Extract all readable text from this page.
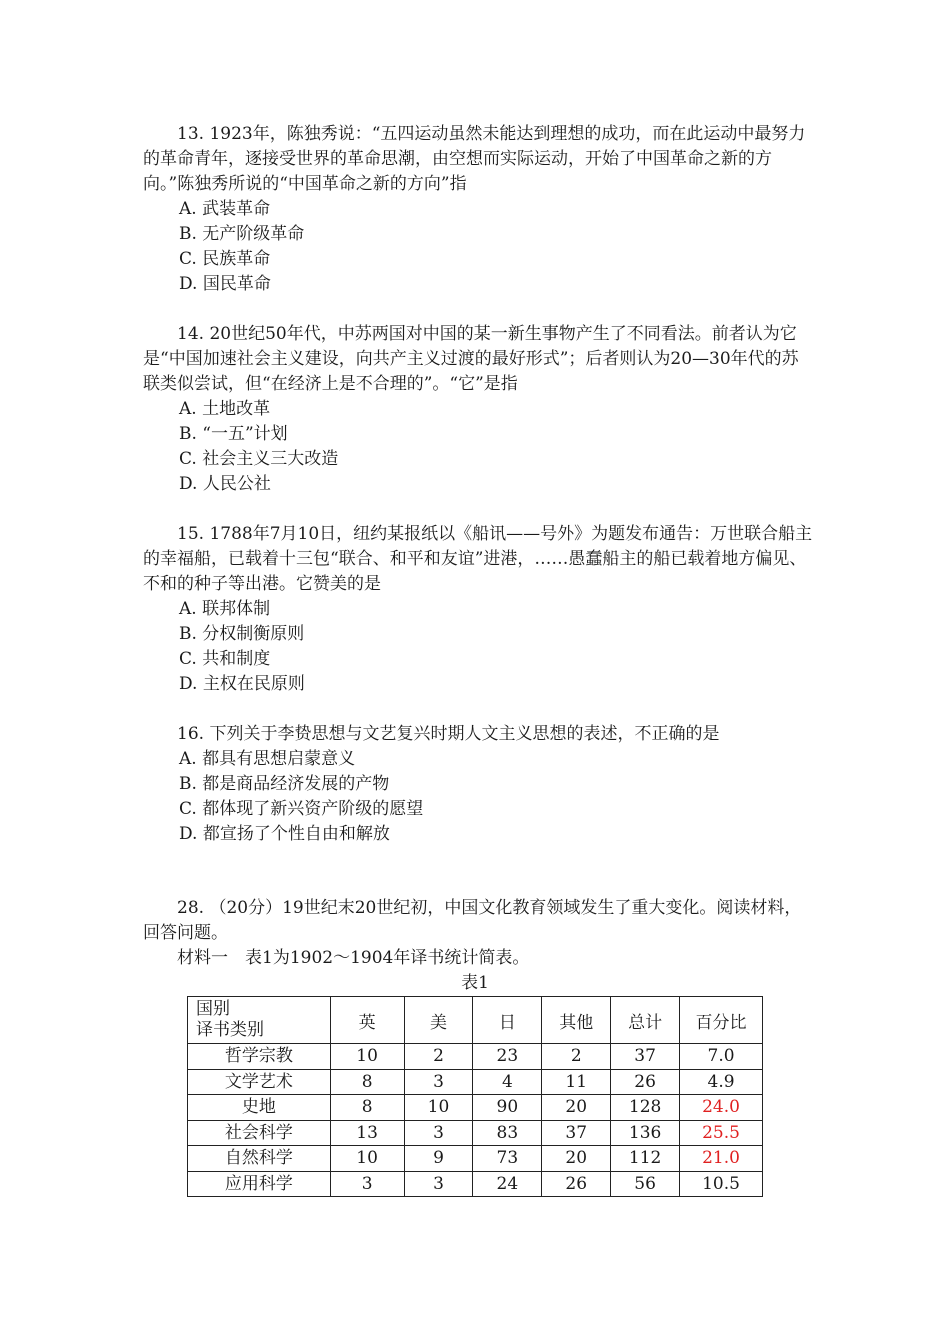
13. 1923年，陈独秀说：“五四运动虽然未能达到理想的成功，而在此运动中最努力的革命青年，逐接受世界的革命思潮，由空想而实际运动，开始了中国革命之新的方向。”陈独秀所说的“中国革命之新的方向”指

A. 武装革命

B. 无产阶级革命

C. 民族革命

D. 国民革命

14. 20世纪50年代，中苏两国对中国的某一新生事物产生了不同看法。前者认为它是“中国加速社会主义建设，向共产主义过渡的最好形式”；后者则认为20—30年代的苏联类似尝试，但“在经济上是不合理的”。“它”是指

A. 土地改革

B. “一五”计划

C. 社会主义三大改造

D. 人民公社

15. 1788年7月10日，纽约某报纸以《船讯——号外》为题发布通告：万世联合船主的幸福船，已载着十三包“联合、和平和友谊”进港，……愚蠢船主的船已载着地方偏见、不和的种子等出港。它赞美的是

A. 联邦体制

B. 分权制衡原则

C. 共和制度

D. 主权在民原则

16. 下列关于李贽思想与文艺复兴时期人文主义思想的表述，不正确的是

A. 都具有思想启蒙意义

B. 都是商品经济发展的产物

C. 都体现了新兴资产阶级的愿望

D. 都宣扬了个性自由和解放

28. （20分）19世纪末20世纪初，中国文化教育领域发生了重大变化。阅读材料，回答问题。

材料一　表1为1902～1904年译书统计简表。

表1
国别
译书类别	英	美	日	其他	总计	百分比
哲学宗教	10	2	23	2	37	7.0
文学艺术	8	3	4	11	26	4.9
史地	8	10	90	20	128	24.0
社会科学	13	3	83	37	136	25.5
自然科学	10	9	73	20	112	21.0
应用科学	3	3	24	26	56	10.5
